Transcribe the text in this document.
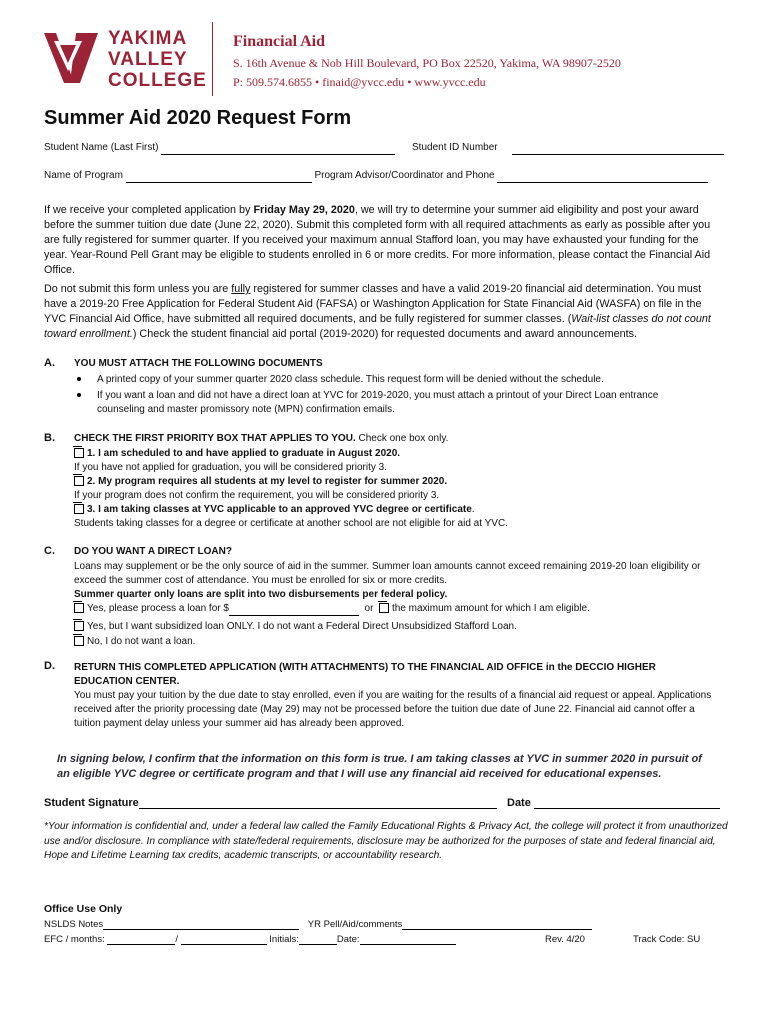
YAKIMA
VALLEY
COLLEGE
Financial Aid
S. 16th Avenue & Nob Hill Boulevard, PO Box 22520, Yakima, WA 98907-2520
P: 509.574.6855 • finaid@yvcc.edu • www.yvcc.edu
Summer Aid 2020 Request Form
Student Name (Last First)	Student ID Number
Name of Program	Program Advisor/Coordinator and Phone
If we receive your completed application by Friday May 29, 2020, we will try to determine your summer aid eligibility and post your award before the summer tuition due date (June 22, 2020). Submit this completed form with all required attachments as early as possible after you are fully registered for summer quarter. If you received your maximum annual Stafford loan, you may have exhausted your funding for the year. Year-Round Pell Grant may be eligible to students enrolled in 6 or more credits. For more information, please contact the Financial Aid Office.
Do not submit this form unless you are fully registered for summer classes and have a valid 2019-20 financial aid determination. You must have a 2019-20 Free Application for Federal Student Aid (FAFSA) or Washington Application for State Financial Aid (WASFA) on file in the YVC Financial Aid Office, have submitted all required documents, and be fully registered for summer classes. (Wait-list classes do not count toward enrollment.) Check the student financial aid portal (2019-2020) for requested documents and award announcements.
A. YOU MUST ATTACH THE FOLLOWING DOCUMENTS
A printed copy of your summer quarter 2020 class schedule. This request form will be denied without the schedule.
If you want a loan and did not have a direct loan at YVC for 2019-2020, you must attach a printout of your Direct Loan entrance counseling and master promissory note (MPN) confirmation emails.
B. CHECK THE FIRST PRIORITY BOX THAT APPLIES TO YOU. Check one box only.
1. I am scheduled to and have applied to graduate in August 2020.
If you have not applied for graduation, you will be considered priority 3.
2. My program requires all students at my level to register for summer 2020.
If your program does not confirm the requirement, you will be considered priority 3.
3. I am taking classes at YVC applicable to an approved YVC degree or certificate.
Students taking classes for a degree or certificate at another school are not eligible for aid at YVC.
C. DO YOU WANT A DIRECT LOAN?
Loans may supplement or be the only source of aid in the summer. Summer loan amounts cannot exceed remaining 2019-20 loan eligibility or exceed the summer cost of attendance. You must be enrolled for six or more credits.
Summer quarter only loans are split into two disbursements per federal policy.
Yes, please process a loan for $	or the maximum amount for which I am eligible.
Yes, but I want subsidized loan ONLY. I do not want a Federal Direct Unsubsidized Stafford Loan.
No, I do not want a loan.
D. RETURN THIS COMPLETED APPLICATION (WITH ATTACHMENTS) TO THE FINANCIAL AID OFFICE in the DECCIO HIGHER EDUCATION CENTER.
You must pay your tuition by the due date to stay enrolled, even if you are waiting for the results of a financial aid request or appeal. Applications received after the priority processing date (May 29) may not be processed before the tuition due date of June 22. Financial aid cannot offer a tuition payment delay unless your summer aid has already been approved.
In signing below, I confirm that the information on this form is true. I am taking classes at YVC in summer 2020 in pursuit of an eligible YVC degree or certificate program and that I will use any financial aid received for educational expenses.
Student Signature	Date
*Your information is confidential and, under a federal law called the Family Educational Rights & Privacy Act, the college will protect it from unauthorized use and/or disclosure. In compliance with state/federal requirements, disclosure may be authorized for the purposes of state and federal financial aid, Hope and Lifetime Learning tax credits, academic transcripts, or accountability research.
Office Use Only
NSLDS Notes	YR Pell/Aid/comments
EFC / months:	/	Initials:	Date:	Rev. 4/20	Track Code: SU
